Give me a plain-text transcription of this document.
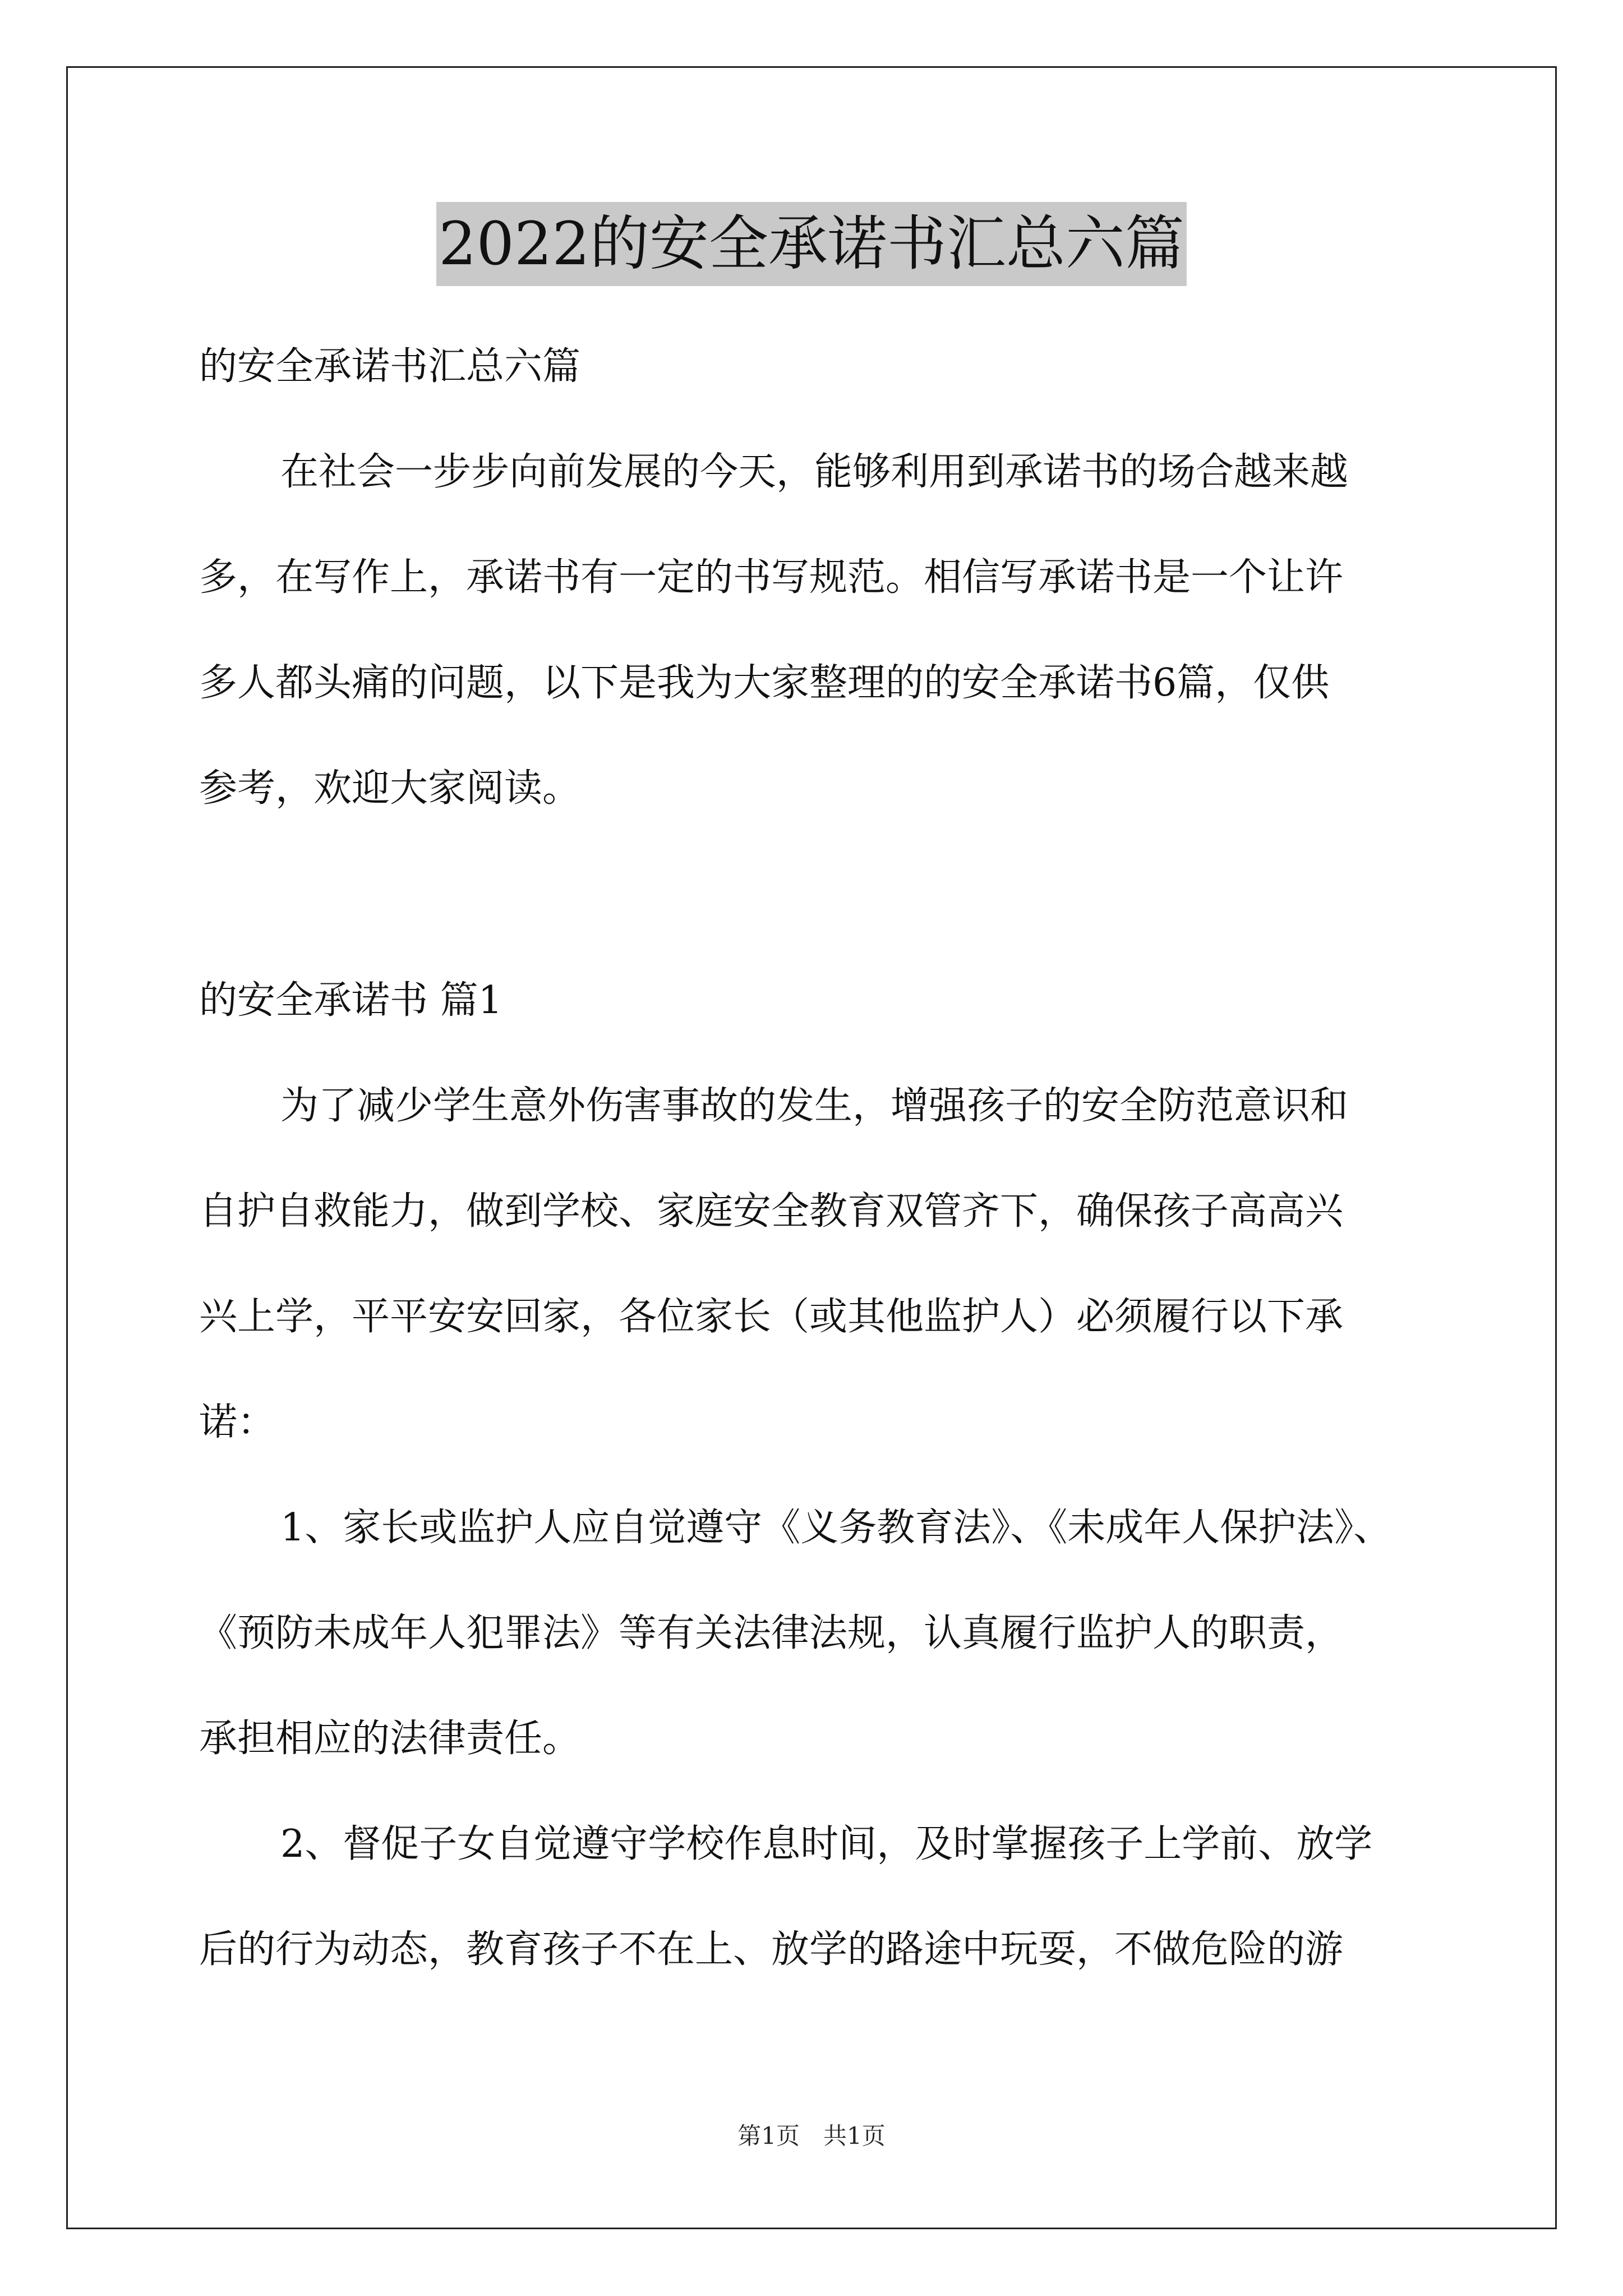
2022的安全承诺书汇总六篇

的安全承诺书汇总六篇

在社会一步步向前发展的今天，能够利用到承诺书的场合越来越

多，在写作上，承诺书有一定的书写规范。相信写承诺书是一个让许

多人都头痛的问题，以下是我为大家整理的的安全承诺书6篇，仅供

参考，欢迎大家阅读。

的安全承诺书 篇1

为了减少学生意外伤害事故的发生，增强孩子的安全防范意识和

自护自救能力，做到学校、家庭安全教育双管齐下，确保孩子高高兴

兴上学，平平安安回家，各位家长（或其他监护人）必须履行以下承

诺：

1、家长或监护人应自觉遵守《义务教育法》、《未成年人保护法》、

《预防未成年人犯罪法》等有关法律法规，认真履行监护人的职责，

承担相应的法律责任。

2、督促子女自觉遵守学校作息时间，及时掌握孩子上学前、放学

后的行为动态，教育孩子不在上、放学的路途中玩耍，不做危险的游

第1页　共1页
